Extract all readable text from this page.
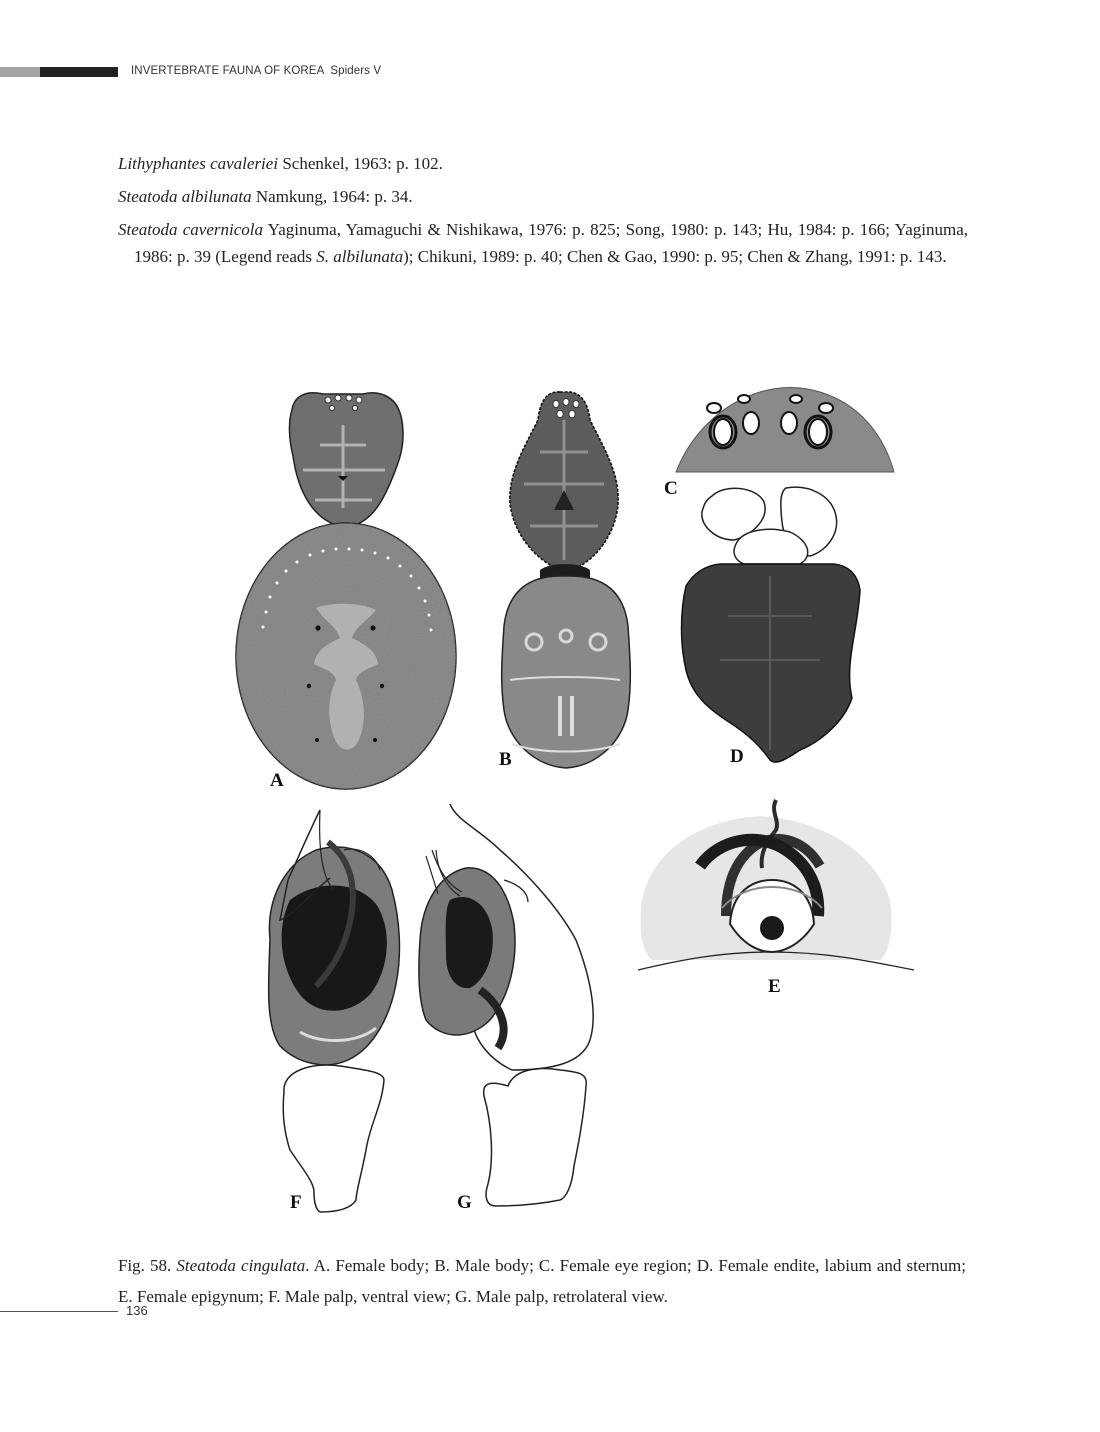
INVERTEBRATE FAUNA OF KOREA Spiders V

Lithyphantes cavaleriei Schenkel, 1963: p. 102.

Steatoda albilunata Namkung, 1964: p. 34.

Steatoda cavernicola Yaginuma, Yamaguchi & Nishikawa, 1976: p. 825; Song, 1980: p. 143; Hu, 1984: p. 166; Yaginuma, 1986: p. 39 (Legend reads S. albilunata); Chikuni, 1989: p. 40; Chen & Gao, 1990: p. 95; Chen & Zhang, 1991: p. 143.

A
B
C
D
E
F	G
Fig. 58. Steatoda cingulata. A. Female body; B. Male body; C. Female eye region; D. Female endite, labium and sternum; E. Female epigynum; F. Male palp, ventral view; G. Male palp, retrolateral view.
136
